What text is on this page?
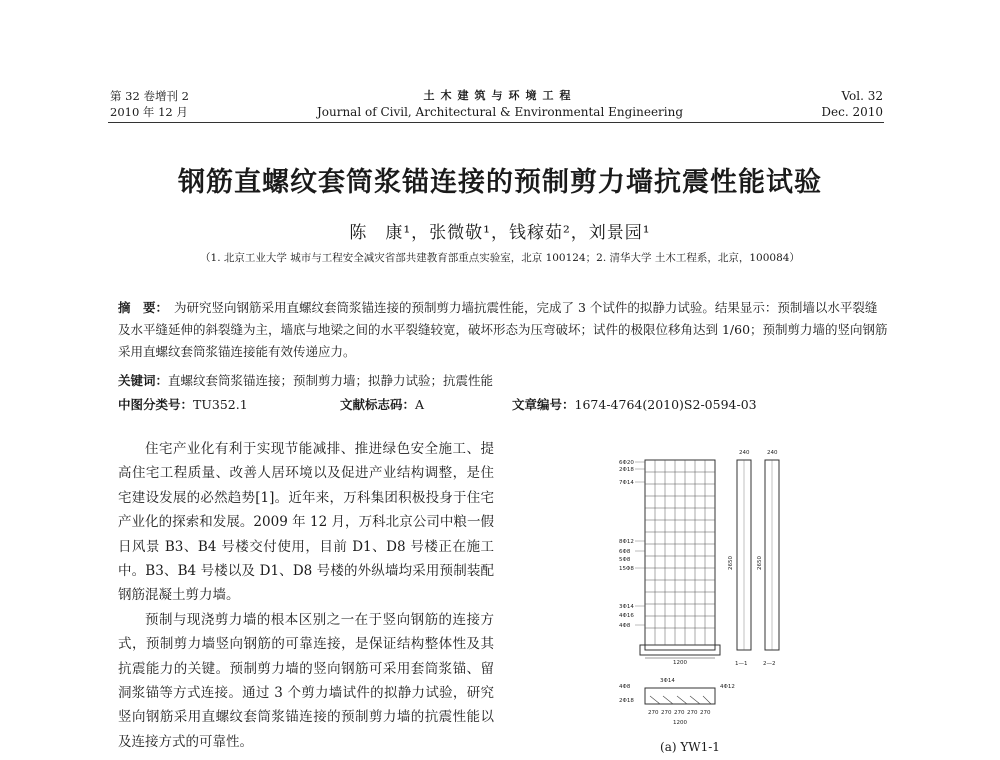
第 32 卷增刊 2
2010 年 12 月
土木建筑与环境工程
Journal of Civil, Architectural & Environmental Engineering
Vol. 32
Dec. 2010
钢筋直螺纹套筒浆锚连接的预制剪力墙抗震性能试验
陈　康¹，张微敬¹，钱稼茹²，刘景园¹
（1. 北京工业大学 城市与工程安全减灾省部共建教育部重点实验室，北京 100124；2. 清华大学 土木工程系，北京，100084）
摘　要： 为研究竖向钢筋采用直螺纹套筒浆锚连接的预制剪力墙抗震性能，完成了 3 个试件的拟静力试验。结果显示：预制墙以水平裂缝及水平缝延伸的斜裂缝为主，墙底与地梁之间的水平裂缝较宽，破坏形态为压弯破坏；试件的极限位移角达到 1/60；预制剪力墙的竖向钢筋采用直螺纹套筒浆锚连接能有效传递应力。
关键词：直螺纹套筒浆锚连接；预制剪力墙；拟静力试验；抗震性能
中图分类号：TU352.1	文献标志码：A	文章编号：1674-4764(2010)S2-0594-03

住宅产业化有利于实现节能减排、推进绿色安全施工、提高住宅工程质量、改善人居环境以及促进产业结构调整，是住宅建设发展的必然趋势[1]。近年来，万科集团积极投身于住宅产业化的探索和发展。2009 年 12 月，万科北京公司中粮一假日风景 B3、B4 号楼交付使用，目前 D1、D8 号楼正在施工中。B3、B4 号楼以及 D1、D8 号楼的外纵墙均采用预制装配钢筋混凝土剪力墙。

预制与现浇剪力墙的根本区别之一在于竖向钢筋的连接方式，预制剪力墙竖向钢筋的可靠连接，是保证结构整体性及其抗震能力的关键。预制剪力墙的竖向钢筋可采用套筒浆锚、留洞浆锚等方式连接。通过 3 个剪力墙试件的拟静力试验，研究竖向钢筋采用直螺纹套筒浆锚连接的预制剪力墙的抗震性能以及连接方式的可靠性。

6Φ20
2Φ18
7Φ14
8Φ12
6Φ8
5Φ8
15Φ8
3Φ14
4Φ16
4Φ8
1200
240
2650
1—1
240
2650
2—2
3Φ14
4Φ8	4Φ12
2Φ18
270 270 270 270 270
1200
(a) YW1-1
